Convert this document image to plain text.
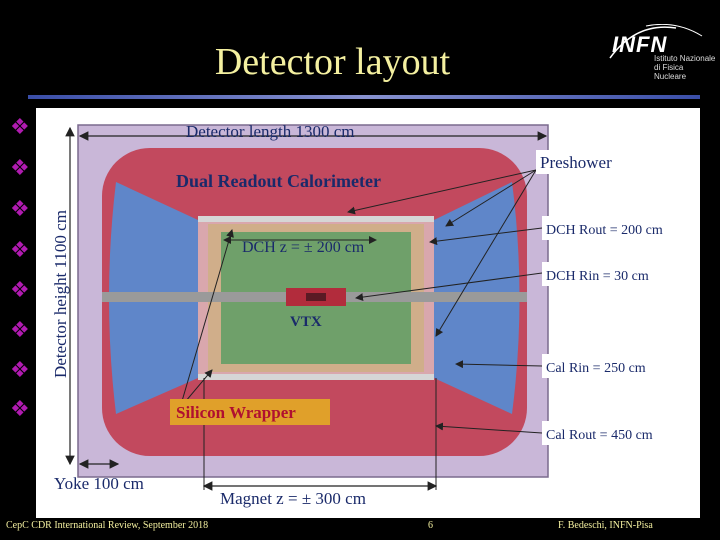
Detector layout	INFN
Istituto Nazionale
di Fisica Nucleare
❖
❖
❖
❖
❖
❖
❖
❖
Detector length 1300 cm
Detector height 1100 cm
Dual Readout Calorimeter
Preshower
DCH z = ± 200 cm
VTX
Silicon Wrapper
DCH Rout = 200 cm
DCH Rin = 30 cm
Cal Rin = 250 cm
Cal Rout = 450 cm
Yoke 100 cm
Magnet z = ± 300 cm
CepC CDR International Review, September 2018	6	F. Bedeschi, INFN-Pisa
